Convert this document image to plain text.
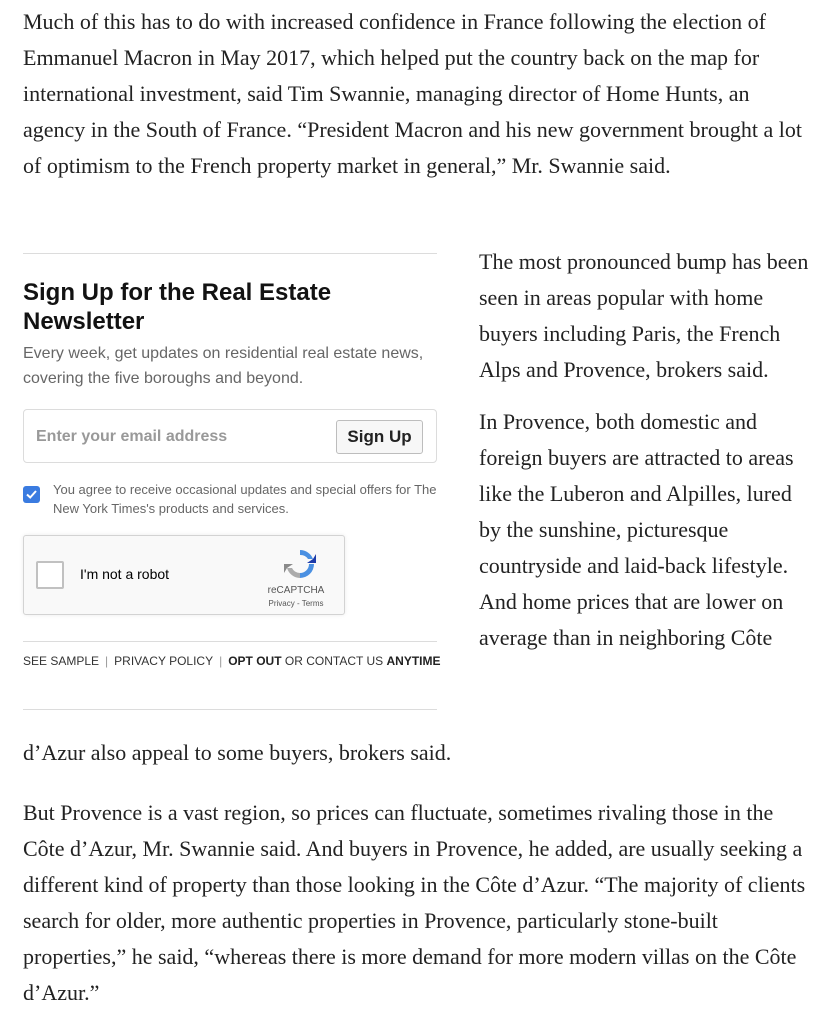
Much of this has to do with increased confidence in France following the election of Emmanuel Macron in May 2017, which helped put the country back on the map for international investment, said Tim Swannie, managing director of Home Hunts, an agency in the South of France. “President Macron and his new government brought a lot of optimism to the French property market in general,” Mr. Swannie said.

Sign Up for the Real Estate Newsletter

Every week, get updates on residential real estate news, covering the five boroughs and beyond.

Enter your email address
Sign Up

You agree to receive occasional updates and special offers for The New York Times's products and services.

I'm not a robot
reCAPTCHA
Privacy - Terms
SEE SAMPLE | PRIVACY POLICY | OPT OUT OR CONTACT US ANYTIME

The most pronounced bump has been seen in areas popular with home buyers including Paris, the French Alps and Provence, brokers said.

In Provence, both domestic and foreign buyers are attracted to areas like the Luberon and Alpilles, lured by the sunshine, picturesque countryside and laid-back lifestyle. And home prices that are lower on average than in neighboring Côte

d’Azur also appeal to some buyers, brokers said.

But Provence is a vast region, so prices can fluctuate, sometimes rivaling those in the Côte d’Azur, Mr. Swannie said. And buyers in Provence, he added, are usually seeking a different kind of property than those looking in the Côte d’Azur. “The majority of clients search for older, more authentic properties in Provence, particularly stone-built properties,” he said, “whereas there is more demand for more modern villas on the Côte d’Azur.”
